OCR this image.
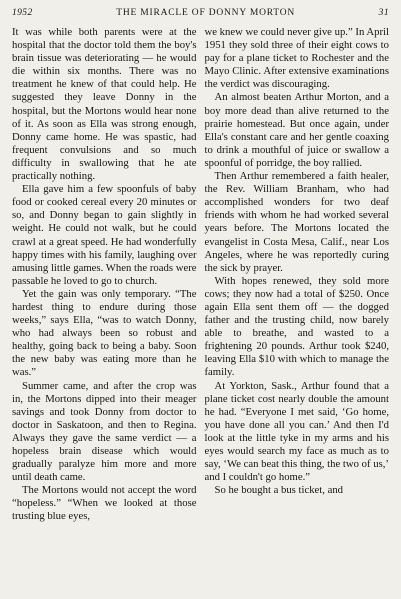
1952	THE MIRACLE OF DONNY MORTON	31

It was while both parents were at the hospital that the doctor told them the boy's brain tissue was deteriorating — he would die within six months. There was no treatment he knew of that could help. He suggested they leave Donny in the hospital, but the Mortons would hear none of it. As soon as Ella was strong enough, Donny came home. He was spastic, had frequent convulsions and so much difficulty in swallowing that he ate practically nothing.

Ella gave him a few spoonfuls of baby food or cooked cereal every 20 minutes or so, and Donny began to gain slightly in weight. He could not walk, but he could crawl at a great speed. He had wonderfully happy times with his family, laughing over amusing little games. When the roads were passable he loved to go to church.

Yet the gain was only temporary. “The hardest thing to endure during those weeks,” says Ella, “was to watch Donny, who had always been so robust and healthy, going back to being a baby. Soon the new baby was eating more than he was.”

Summer came, and after the crop was in, the Mortons dipped into their meager savings and took Donny from doctor to doctor in Saskatoon, and then to Regina. Always they gave the same verdict — a hopeless brain disease which would gradually paralyze him more and more until death came.

The Mortons would not accept the word “hopeless.” “When we looked at those trusting blue eyes,

we knew we could never give up.” In April 1951 they sold three of their eight cows to pay for a plane ticket to Rochester and the Mayo Clinic. After extensive examinations the verdict was discouraging.

An almost beaten Arthur Morton, and a boy more dead than alive returned to the prairie homestead. But once again, under Ella's constant care and her gentle coaxing to drink a mouthful of juice or swallow a spoonful of porridge, the boy rallied.

Then Arthur remembered a faith healer, the Rev. William Branham, who had accomplished wonders for two deaf friends with whom he had worked several years before. The Mortons located the evangelist in Costa Mesa, Calif., near Los Angeles, where he was reportedly curing the sick by prayer.

With hopes renewed, they sold more cows; they now had a total of $250. Once again Ella sent them off — the dogged father and the trusting child, now barely able to breathe, and wasted to a frightening 20 pounds. Arthur took $240, leaving Ella $10 with which to manage the family.

At Yorkton, Sask., Arthur found that a plane ticket cost nearly double the amount he had. “Everyone I met said, ‘Go home, you have done all you can.’ And then I'd look at the little tyke in my arms and his eyes would search my face as much as to say, ‘We can beat this thing, the two of us,’ and I couldn't go home.”

So he bought a bus ticket, and
